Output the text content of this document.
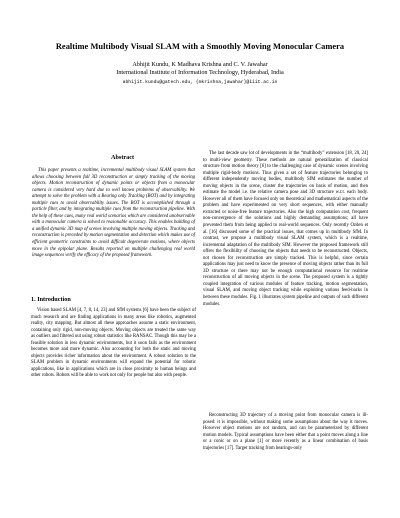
Realtime Multibody Visual SLAM with a Smoothly Moving Monocular Camera
Abhijit Kundu, K Madhava Krishna and C. V. Jawahar
International Institute of Information Technology, Hyderabad, India
abhijit.kundu@gatech.edu, {mkrishna,jawahar}@iiit.ac.in
Abstract

This paper presents a realtime, incremental multibody visual SLAM system that allows choosing between full 3D reconstruction or simply tracking of the moving objects. Motion reconstruction of dynamic points or objects from a monocular camera is considered very hard due to well known problems of observability. We attempt to solve the problem with a Bearing only Tracking (BOT) and by integrating multiple cues to avoid observability issues. The BOT is accomplished through a particle filter, and by integrating multiple cues from the reconstruction pipeline. With the help of these cues, many real world scenarios which are considered unobservable with a monocular camera is solved to reasonable accuracy. This enables building of a unified dynamic 3D map of scenes involving multiple moving objects. Tracking and reconstruction is preceded by motion segmentation and detection which makes use of efficient geometric constraints to avoid difficult degenerate motions, where objects move in the epipolar plane. Results reported on multiple challenging real world image sequences verify the efficacy of the proposed framework.

1. Introduction

Vision based SLAM [4, 7, 8, 14, 23] and SfM systems [6] have been the subject of much research and are finding applications in many areas like robotics, augmented reality, city mapping. But almost all these approaches assume a static environment, containing only rigid, non-moving objects. Moving objects are treated the same way as outliers and filtered out using robust statistics like RANSAC. Though this may be a feasible solution in less dynamic environments, but it soon fails as the environment becomes more and more dynamic. Also accounting for both the static and moving objects provides richer information about the environment. A robust solution to the SLAM problem in dynamic environments will expand the potential for robotic applications, like in applications which are in close proximity to human beings and other robots. Robots will be able to work not only for people but also with people.

The last decade saw lot of developments in the “multibody” extension [18, 20, 24] to multi-view geometry. These methods are natural generalization of classical structure from motion theory [6] to the challenging case of dynamic scenes involving multiple rigid-body motions. Thus given a set of feature trajectories belonging to different independently moving bodies, multibody SfM estimates the number of moving objects in the scene, cluster the trajectories on basis of motion, and then estimate the model i.e. the relative camera pose and 3D structure w.r.t. each body. However all of them have focused only on theoretical and mathematical aspects of the problem and have experimented on very short sequences, with either manually extracted or noise-free feature trajectories. Also the high computation cost, frequent non-convergence of the solutions and highly demanding assumptions; all have prevented them from being applied to real-world sequences. Only recently Ozden et al. [16] discussed some of the practical issues, that comes up in multibody SfM. In contrast, we propose a multibody visual SLAM system, which is a realtime, incremental adaptation of the multibody SfM. However the proposed framework still offers the flexibility of choosing the objects that needs to be reconstructed. Objects, not chosen for reconstruction are simply tracked. This is helpful, since certain applications may just need to know the presence of moving objects rather than its full 3D structure or there may not be enough computational resource for realtime reconstruction of all moving objects in the scene. The proposed system is a tightly coupled integration of various modules of feature tracking, motion segmentation, visual SLAM, and moving object tracking while exploiting various feed-backs in between these modules. Fig. 1 illustrates system pipeline and outputs of such different modules.

Reconstructing 3D trajectory of a moving point from monocular camera is ill-posed: it is impossible, without making some assumptions about the way it moves. However object motions are not random, and can be parameterized by different motion models. Typical assumptions have been either that a point moves along a line or a conic or on a plane [1] or more recently as a linear combination of basis trajectories [17]. Target tracking from bearings-only
